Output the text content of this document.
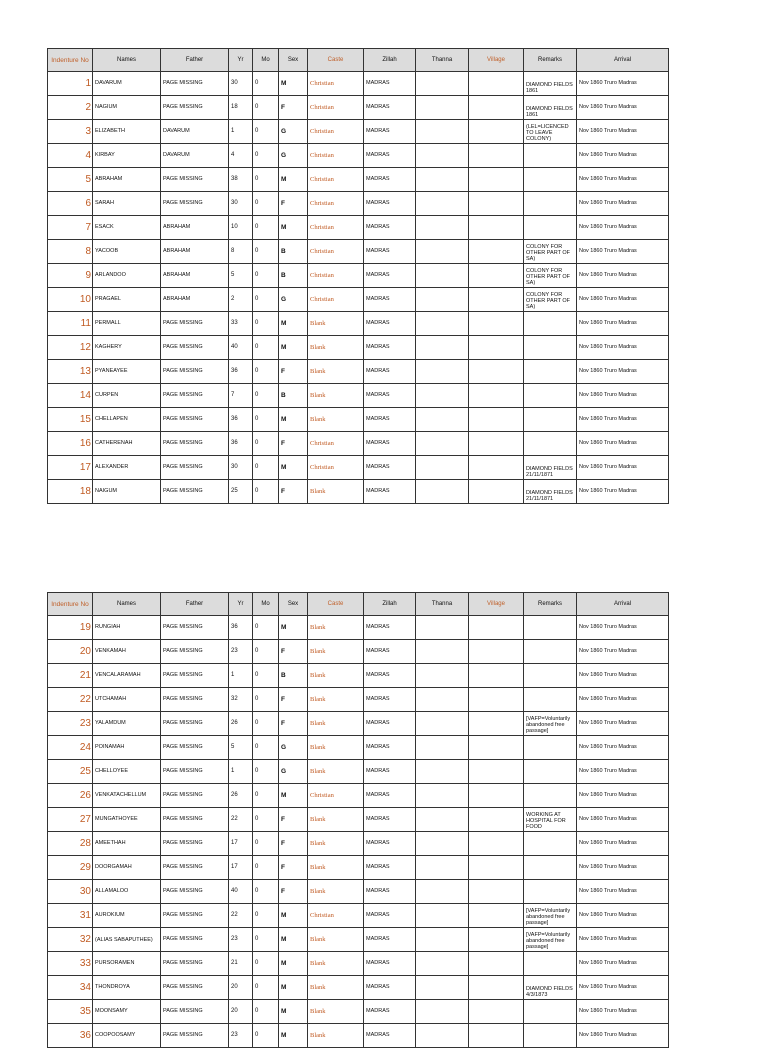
Indenture No	Names	Father	Yr	Mo	Sex	Caste	Zillah	Thanna	Village	Remarks	Arrival
1	DAVARUM	PAGE MISSING	30	0	M	Christian	MADRAS			DIAMOND FIELDS 1861	Nov 1860 Truro Madras
2	NAGIUM	PAGE MISSING	18	0	F	Christian	MADRAS			DIAMOND FIELDS 1861	Nov 1860 Truro Madras
3	ELIZABETH	DAVARUM	1	0	G	Christian	MADRAS			(LEL=LICENCED TO LEAVE COLONY)	Nov 1860 Truro Madras
4	KIRBAY	DAVARUM	4	0	G	Christian	MADRAS				Nov 1860 Truro Madras
5	ABRAHAM	PAGE MISSING	38	0	M	Christian	MADRAS				Nov 1860 Truro Madras
6	SARAH	PAGE MISSING	30	0	F	Christian	MADRAS				Nov 1860 Truro Madras
7	ESACK	ABRAHAM	10	0	M	Christian	MADRAS				Nov 1860 Truro Madras
8	YACOOB	ABRAHAM	8	0	B	Christian	MADRAS			COLONY FOR OTHER PART OF SA)	Nov 1860 Truro Madras
9	ARLANDOO	ABRAHAM	5	0	B	Christian	MADRAS			COLONY FOR OTHER PART OF SA)	Nov 1860 Truro Madras
10	PRAGAEL	ABRAHAM	2	0	G	Christian	MADRAS			COLONY FOR OTHER PART OF SA)	Nov 1860 Truro Madras
11	PERMALL	PAGE MISSING	33	0	M	Blank	MADRAS				Nov 1860 Truro Madras
12	KAGHERY	PAGE MISSING	40	0	M	Blank	MADRAS				Nov 1860 Truro Madras
13	PYANEAYEE	PAGE MISSING	36	0	F	Blank	MADRAS				Nov 1860 Truro Madras
14	CURPEN	PAGE MISSING	7	0	B	Blank	MADRAS				Nov 1860 Truro Madras
15	CHELLAPEN	PAGE MISSING	36	0	M	Blank	MADRAS				Nov 1860 Truro Madras
16	CATHERENAH	PAGE MISSING	36	0	F	Christian	MADRAS				Nov 1860 Truro Madras
17	ALEXANDER	PAGE MISSING	30	0	M	Christian	MADRAS			DIAMOND FIELDS 21/11/1871	Nov 1860 Truro Madras
18	NAIGUM	PAGE MISSING	25	0	F	Blank	MADRAS			DIAMOND FIELDS 21/11/1871	Nov 1860 Truro Madras
Indenture No	Names	Father	Yr	Mo	Sex	Caste	Zillah	Thanna	Village	Remarks	Arrival
19	RUNGIAH	PAGE MISSING	36	0	M	Blank	MADRAS				Nov 1860 Truro Madras
20	VENKAMAH	PAGE MISSING	23	0	F	Blank	MADRAS				Nov 1860 Truro Madras
21	VENCALARAMAH	PAGE MISSING	1	0	B	Blank	MADRAS				Nov 1860 Truro Madras
22	UTCHAMAH	PAGE MISSING	32	0	F	Blank	MADRAS				Nov 1860 Truro Madras
23	YALAMDUM	PAGE MISSING	26	0	F	Blank	MADRAS			[VAFP=Voluntarily abandoned free passage]	Nov 1860 Truro Madras
24	POINAMAH	PAGE MISSING	5	0	G	Blank	MADRAS				Nov 1860 Truro Madras
25	CHELLOYEE	PAGE MISSING	1	0	G	Blank	MADRAS				Nov 1860 Truro Madras
26	VENKATACHELLUM	PAGE MISSING	26	0	M	Christian	MADRAS				Nov 1860 Truro Madras
27	MUNGATHOYEE	PAGE MISSING	22	0	F	Blank	MADRAS			WORKING AT HOSPITAL FOR FOOD	Nov 1860 Truro Madras
28	AMEETHAH	PAGE MISSING	17	0	F	Blank	MADRAS				Nov 1860 Truro Madras
29	DOORGAMAH	PAGE MISSING	17	0	F	Blank	MADRAS				Nov 1860 Truro Madras
30	ALLAMALOO	PAGE MISSING	40	0	F	Blank	MADRAS				Nov 1860 Truro Madras
31	AUROKIUM	PAGE MISSING	22	0	M	Christian	MADRAS			[VAFP=Voluntarily abandoned free passage]	Nov 1860 Truro Madras
32	(ALIAS SABAPUTHEE)	PAGE MISSING	23	0	M	Blank	MADRAS			[VAFP=Voluntarily abandoned free passage]	Nov 1860 Truro Madras
33	PURSORAMEN	PAGE MISSING	21	0	M	Blank	MADRAS				Nov 1860 Truro Madras
34	THONDROYA	PAGE MISSING	20	0	M	Blank	MADRAS			DIAMOND FIELDS 4/3/1873	Nov 1860 Truro Madras
35	MOONSAMY	PAGE MISSING	20	0	M	Blank	MADRAS				Nov 1860 Truro Madras
36	COOPOOSAMY	PAGE MISSING	23	0	M	Blank	MADRAS				Nov 1860 Truro Madras
